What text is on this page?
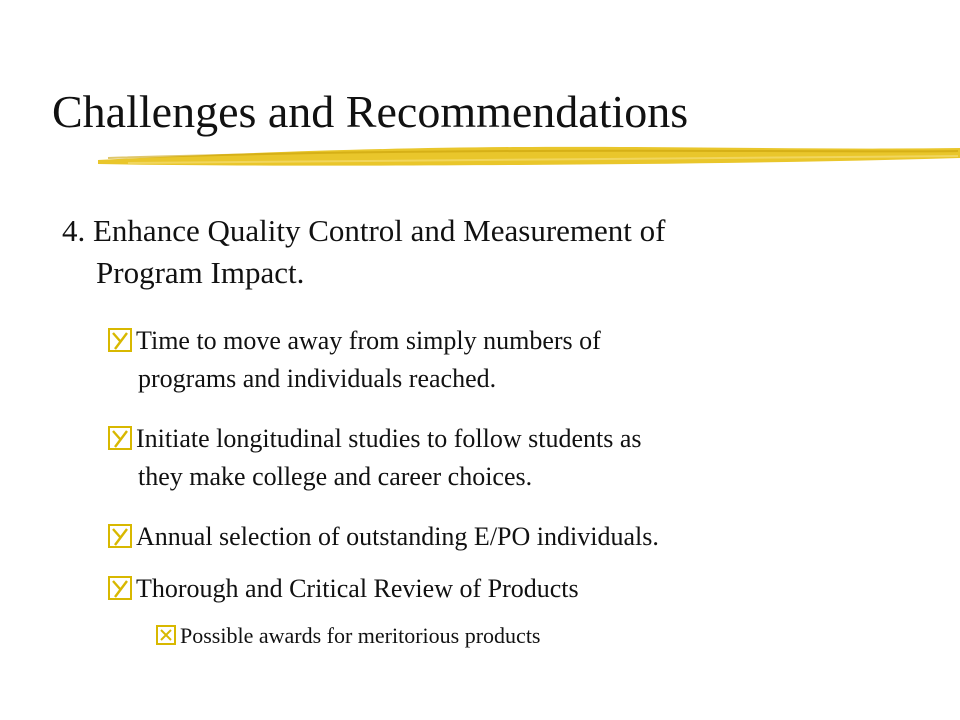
Challenges and Recommendations
4. Enhance Quality Control and Measurement of
Program Impact.
Time to move away from simply numbers of
programs and individuals reached.
Initiate longitudinal studies to follow students as
they make college and career choices.
Annual selection of outstanding E/PO individuals.
Thorough and Critical Review of Products
Possible awards for meritorious products
